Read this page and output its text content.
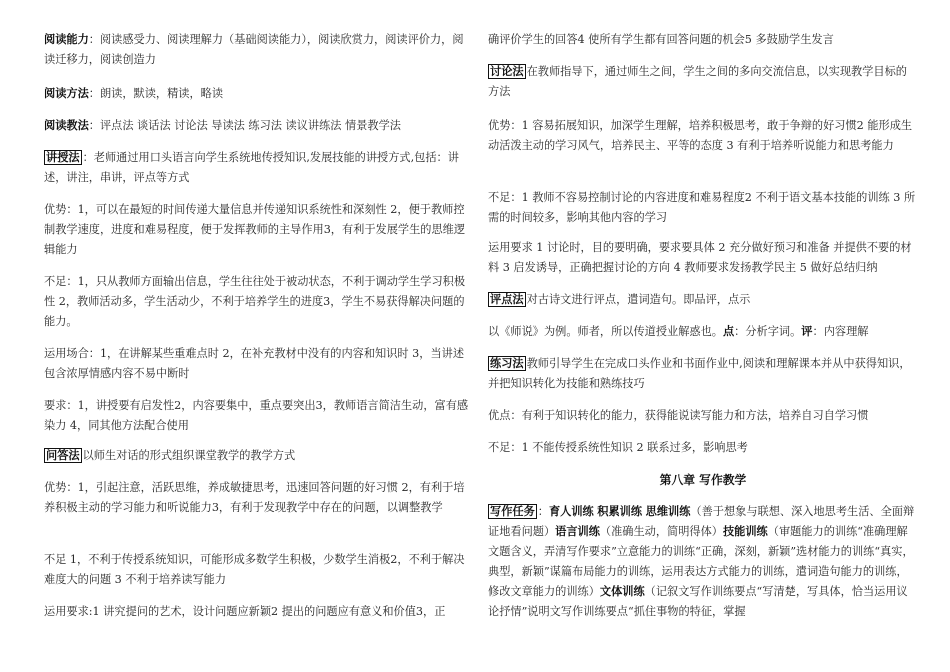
阅读能力：阅读感受力、阅读理解力（基础阅读能力），阅读欣赏力，阅读评价力，阅读迁移力，阅读创造力
阅读方法：朗读，默读，精读，略读
阅读教法：评点法 谈话法 讨论法 导读法 练习法 读议讲练法 情景教学法
讲授法 ：老师通过用口头语言向学生系统地传授知识,发展技能的讲授方式,包括：讲述，讲注，串讲，评点等方式
优势：1，可以在最短的时间传递大量信息并传递知识系统性和深刻性 2，便于教师控制教学速度，进度和难易程度，便于发挥教师的主导作用3，有利于发展学生的思维逻辑能力
不足：1，只从教师方面输出信息，学生往往处于被动状态，不利于调动学生学习积极性 2，教师活动多，学生活动少，不利于培养学生的进度3，学生不易获得解决问题的能力。
运用场合：1，在讲解某些重难点时 2，在补充教材中没有的内容和知识时 3，当讲述包含浓厚情感内容不易中断时
要求：1，讲授要有启发性2，内容要集中，重点要突出3，教师语言简洁生动，富有感染力 4，同其他方法配合使用
问答法 以师生对话的形式组织课堂教学的教学方式
优势：1，引起注意，活跃思维，养成敏捷思考，迅速回答问题的好习惯 2，有利于培养积极主动的学习能力和听说能力3，有利于发现教学中存在的问题，以调整教学
不足 1，不利于传授系统知识，可能形成多数学生积极，少数学生消极2，不利于解决难度大的问题 3 不利于培养读写能力
运用要求:1 讲究提问的艺术，设计问题应新颖2 提出的问题应有意义和价值3，正
确评价学生的回答4 使所有学生都有回答问题的机会5 多鼓励学生发言
讨论法 在教师指导下，通过师生之间，学生之间的多向交流信息，以实现教学目标的方法
优势：1 容易拓展知识，加深学生理解，培养积极思考，敢于争辩的好习惯2 能形成生动活泼主动的学习风气，培养民主、平等的态度 3 有利于培养听说能力和思考能力
不足：1 教师不容易控制讨论的内容进度和难易程度2 不利于语文基本技能的训练 3 所需的时间较多，影响其他内容的学习
运用要求 1 讨论时，目的要明确，要求要具体 2 充分做好预习和准备 并提供不要的材料 3 启发诱导，正确把握讨论的方向 4 教师要求发扬教学民主 5 做好总结归纳
评点法 对古诗文进行评点，遣词造句。即品评，点示
以《师说》为例。师者，所以传道授业解惑也。点：分析字词。评：内容理解
练习法 教师引导学生在完成口头作业和书面作业中,阅读和理解课本并从中获得知识，并把知识转化为技能和熟练技巧
优点：有利于知识转化的能力，获得能说读写能力和方法，培养自习自学习惯
不足：1 不能传授系统性知识 2 联系过多，影响思考
第八章 写作教学
写作任务 ：育人训练 积累训练 思维训练（善于想象与联想、深入地思考生活、全面辩证地看问题）语言训练（准确生动，简明得体）技能训练（审题能力的训练“准确理解文题含义，弄清写作要求”立意能力的训练“正确，深刻，新颖”选材能力的训练“真实，典型，新颖”谋篇布局能力的训练，运用表达方式能力的训练，遣词造句能力的训练，修改文章能力的训练）文体训练（记叙文写作训练要点“写清楚，写具体，恰当运用议论抒情”说明文写作训练要点“抓住事物的特征，掌握
